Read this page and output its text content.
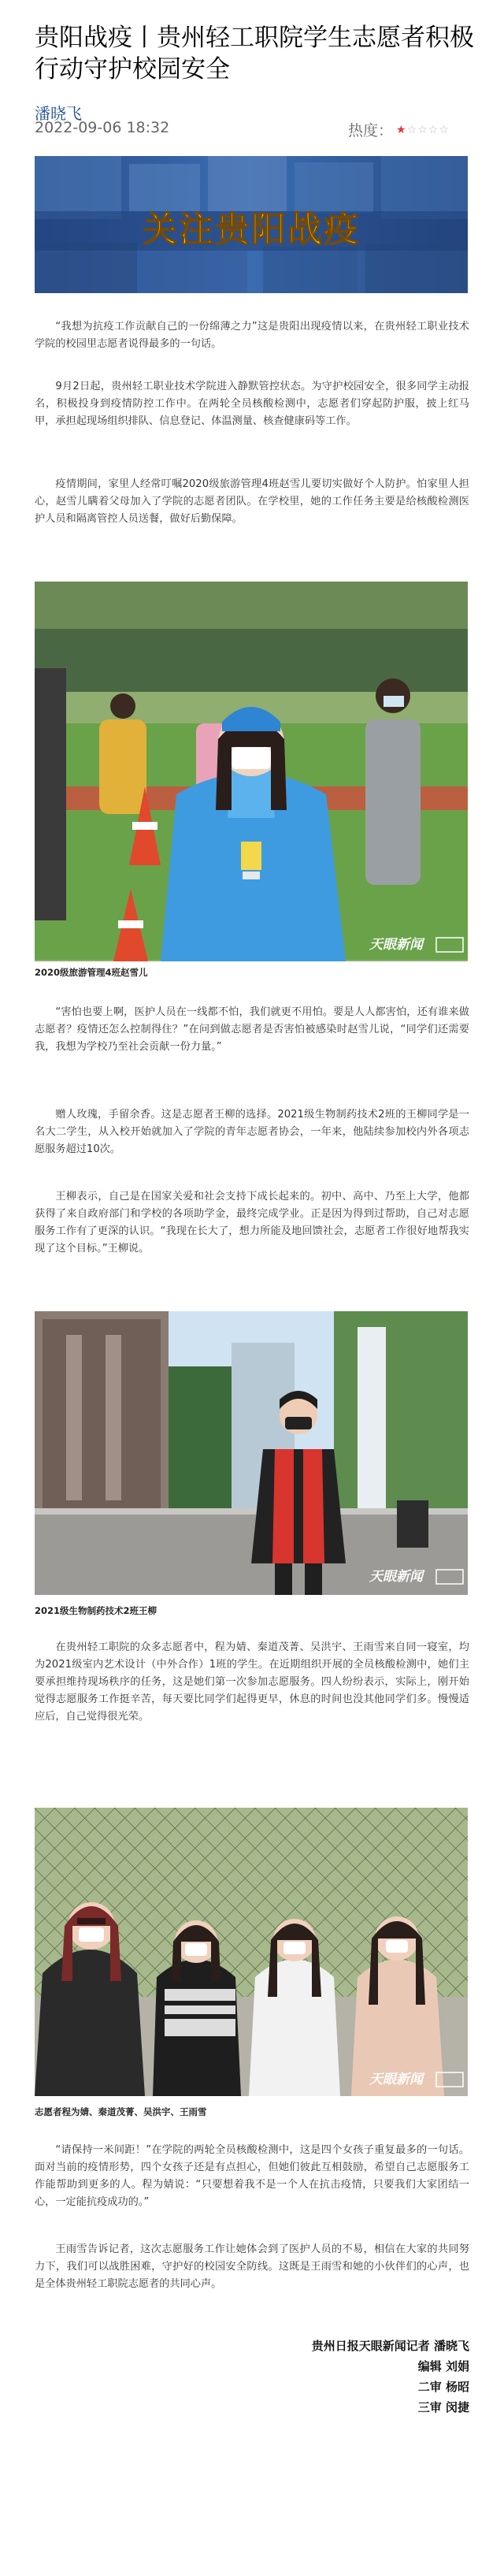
贵阳战疫丨贵州轻工职院学生志愿者积极行动守护校园安全
潘晓飞
2022-09-06 18:32	热度： ★☆☆☆☆
关注贵阳战疫

“我想为抗疫工作贡献自己的一份绵薄之力”这是贵阳出现疫情以来，在贵州轻工职业技术学院的校园里志愿者说得最多的一句话。

9月2日起，贵州轻工职业技术学院进入静默管控状态。为守护校园安全，很多同学主动报名，积极投身到疫情防控工作中。在两轮全员核酸检测中，志愿者们穿起防护服，披上红马甲，承担起现场组织排队、信息登记、体温测量、核查健康码等工作。

疫情期间，家里人经常叮嘱2020级旅游管理4班赵雪儿要切实做好个人防护。怕家里人担心，赵雪儿瞒着父母加入了学院的志愿者团队。在学校里，她的工作任务主要是给核酸检测医护人员和隔离管控人员送餐，做好后勤保障。

天眼新闻
2020级旅游管理4班赵雪儿

“害怕也要上啊，医护人员在一线都不怕，我们就更不用怕。要是人人都害怕，还有谁来做志愿者？疫情还怎么控制得住？”在问到做志愿者是否害怕被感染时赵雪儿说，“同学们还需要我，我想为学校乃至社会贡献一份力量。”

赠人玫瑰，手留余香。这是志愿者王柳的选择。2021级生物制药技术2班的王柳同学是一名大二学生，从入校开始就加入了学院的青年志愿者协会，一年来，他陆续参加校内外各项志愿服务超过10次。

王柳表示，自己是在国家关爱和社会支持下成长起来的。初中、高中、乃至上大学，他都获得了来自政府部门和学校的各项助学金，最终完成学业。正是因为得到过帮助，自己对志愿服务工作有了更深的认识。“我现在长大了，想力所能及地回馈社会，志愿者工作很好地帮我实现了这个目标。”王柳说。

天眼新闻
2021级生物制药技术2班王柳

在贵州轻工职院的众多志愿者中，程为婧、秦道茂菁、吴洪宇、王雨雪来自同一寝室，均为2021级室内艺术设计（中外合作）1班的学生。在近期组织开展的全员核酸检测中，她们主要承担维持现场秩序的任务，这是她们第一次参加志愿服务。四人纷纷表示，实际上，刚开始觉得志愿服务工作挺辛苦，每天要比同学们起得更早，休息的时间也没其他同学们多。慢慢适应后，自己觉得很光荣。

天眼新闻
志愿者程为婧、秦道茂菁、吴洪宇、王雨雪

“请保持一米间距！”在学院的两轮全员核酸检测中，这是四个女孩子重复最多的一句话。面对当前的疫情形势，四个女孩子还是有点担心，但她们彼此互相鼓励，希望自己志愿服务工作能帮助到更多的人。程为婧说：“只要想着我不是一个人在抗击疫情，只要我们大家团结一心，一定能抗疫成功的。”

王雨雪告诉记者，这次志愿服务工作让她体会到了医护人员的不易，相信在大家的共同努力下，我们可以战胜困难，守护好的校园安全防线。这既是王雨雪和她的小伙伴们的心声，也是全体贵州轻工职院志愿者的共同心声。

贵州日报天眼新闻记者 潘晓飞
编辑 刘娟
二审 杨昭
三审 闵捷
